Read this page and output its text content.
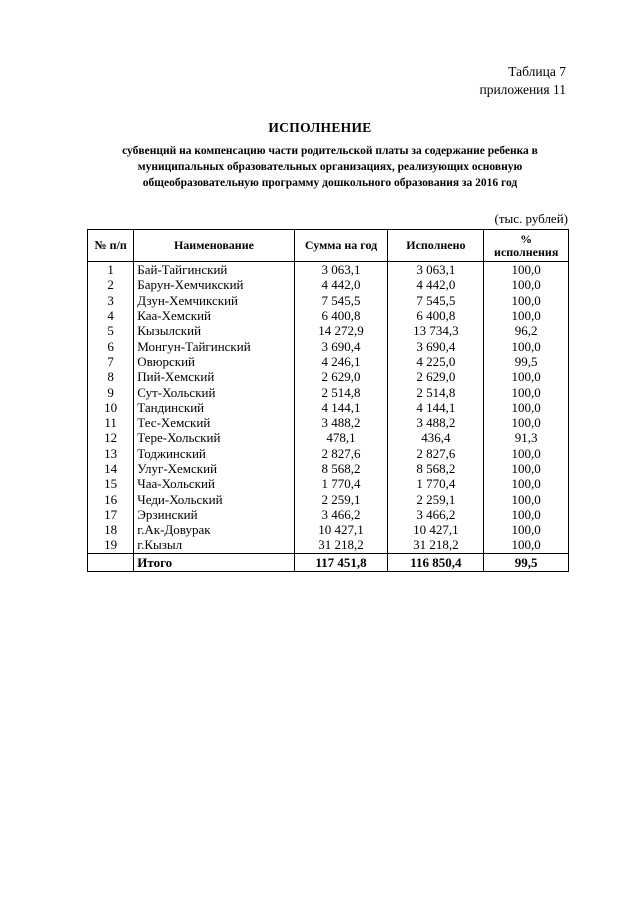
Таблица 7
приложения 11
ИСПОЛНЕНИЕ
субвенций на компенсацию части родительской платы за содержание ребенка в
муниципальных образовательных организациях, реализующих основную
общеобразовательную программу дошкольного образования за 2016 год
(тыс. рублей)
№ п/п	Наименование	Сумма на год	Исполнено	%
исполнения

1	Бай-Тайгинский	3 063,1	3 063,1	100,0
2	Барун-Хемчикский	4 442,0	4 442,0	100,0
3	Дзун-Хемчикский	7 545,5	7 545,5	100,0
4	Каа-Хемский	6 400,8	6 400,8	100,0
5	Кызылский	14 272,9	13 734,3	96,2
6	Монгун-Тайгинский	3 690,4	3 690,4	100,0
7	Овюрский	4 246,1	4 225,0	99,5
8	Пий-Хемский	2 629,0	2 629,0	100,0
9	Сут-Хольский	2 514,8	2 514,8	100,0
10	Тандинский	4 144,1	4 144,1	100,0
11	Тес-Хемский	3 488,2	3 488,2	100,0
12	Тере-Хольский	478,1	436,4	91,3
13	Тоджинский	2 827,6	2 827,6	100,0
14	Улуг-Хемский	8 568,2	8 568,2	100,0
15	Чаа-Хольский	1 770,4	1 770,4	100,0
16	Чеди-Хольский	2 259,1	2 259,1	100,0
17	Эрзинский	3 466,2	3 466,2	100,0
18	г.Ак-Довурак	10 427,1	10 427,1	100,0
19	г.Кызыл	31 218,2	31 218,2	100,0
	Итого	117 451,8	116 850,4	99,5
